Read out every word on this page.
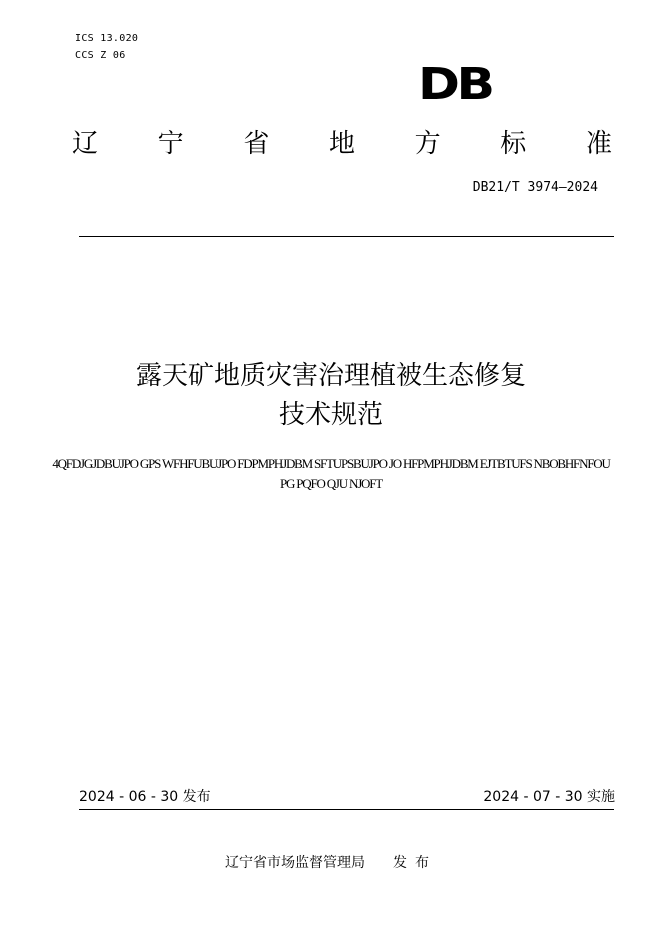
ICS 13.020
CCS Z 06
DB
辽 宁 省 地 方 标 准
DB21/T 3974—2024
露天矿地质灾害治理植被生态修复
技术规范
4QFDJGJDBUJPO GPS WFHFUBUJPO FDPMPHJDBM SFTUPSBUJPO JO HFPMPHJDBM EJTBTUFS NBOBHFNFOU
PG PQFO QJU NJOFT
2024 - 06 - 30 发布	2024 - 07 - 30 实施
辽宁省市场监督管理局 发布
